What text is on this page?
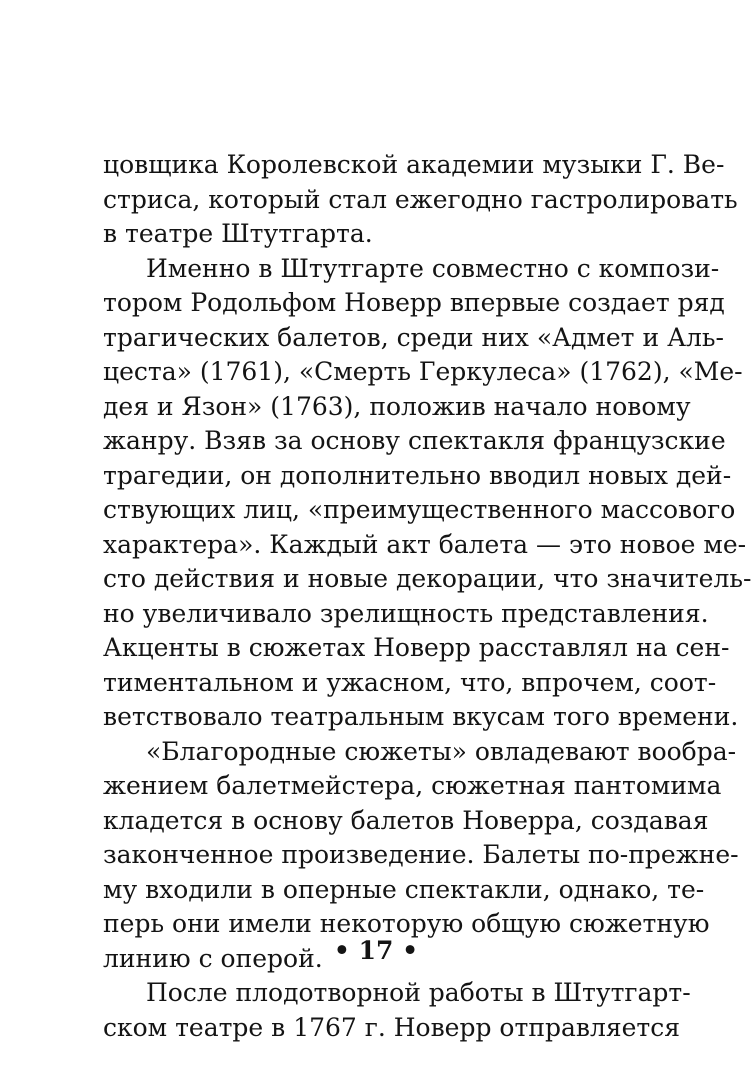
цовщика Королевской академии музыки Г. Ве-
стриса, который стал ежегодно гастролировать
в театре Штутгарта.
Именно в Штутгарте совместно с компози-
тором Родольфом Новерр впервые создает ряд
трагических балетов, среди них «Адмет и Аль-
цеста» (1761), «Смерть Геркулеса» (1762), «Ме-
дея и Язон» (1763), положив начало новому
жанру. Взяв за основу спектакля французские
трагедии, он дополнительно вводил новых дей-
ствующих лиц, «преимущественного массового
характера». Каждый акт балета — это новое ме-
сто действия и новые декорации, что значитель-
но увеличивало зрелищность представления.
Акценты в сюжетах Новерр расставлял на сен-
тиментальном и ужасном, что, впрочем, соот-
ветствовало театральным вкусам того времени.
«Благородные сюжеты» овладевают вообра-
жением балетмейстера, сюжетная пантомима
кладется в основу балетов Новерра, создавая
законченное произведение. Балеты по-прежне-
му входили в оперные спектакли, однако, те-
перь они имели некоторую общую сюжетную
линию с оперой.
После плодотворной работы в Штутгарт-
ском театре в 1767 г. Новерр отправляется
• 17 •
